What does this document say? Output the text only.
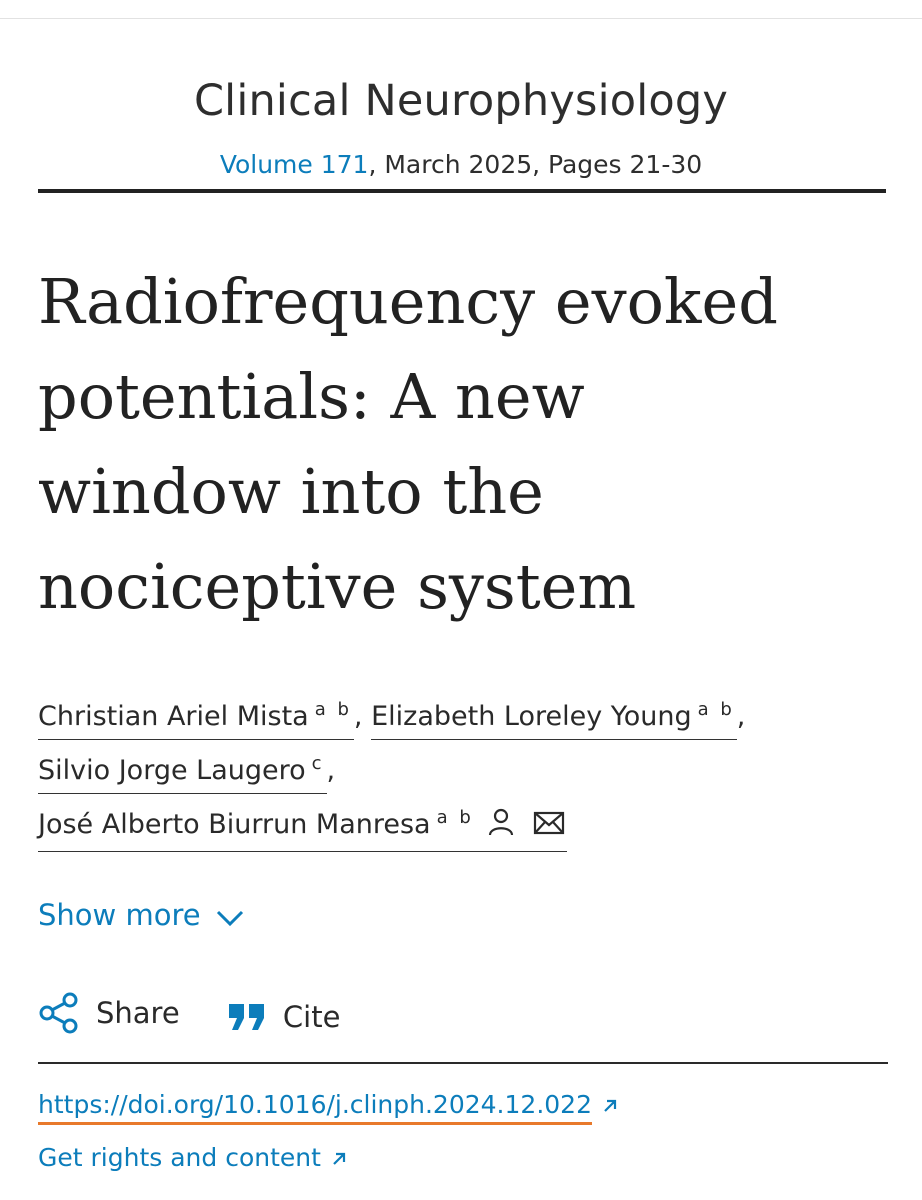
Clinical Neurophysiology
Volume 171, March 2025, Pages 21-30
Radiofrequency evoked
potentials: A new
window into the
nociceptive system
Christian Ariel Mista $^{a b}$, Elizabeth Loreley Young $^{a b}$,
Silvio Jorge Laugero $^c$,
José Alberto Biurrun Manresa $^{a b}$
Show more
Share
	Cite
https://doi.org/10.1016/j.clinph.2024.12.022
Get rights and content
